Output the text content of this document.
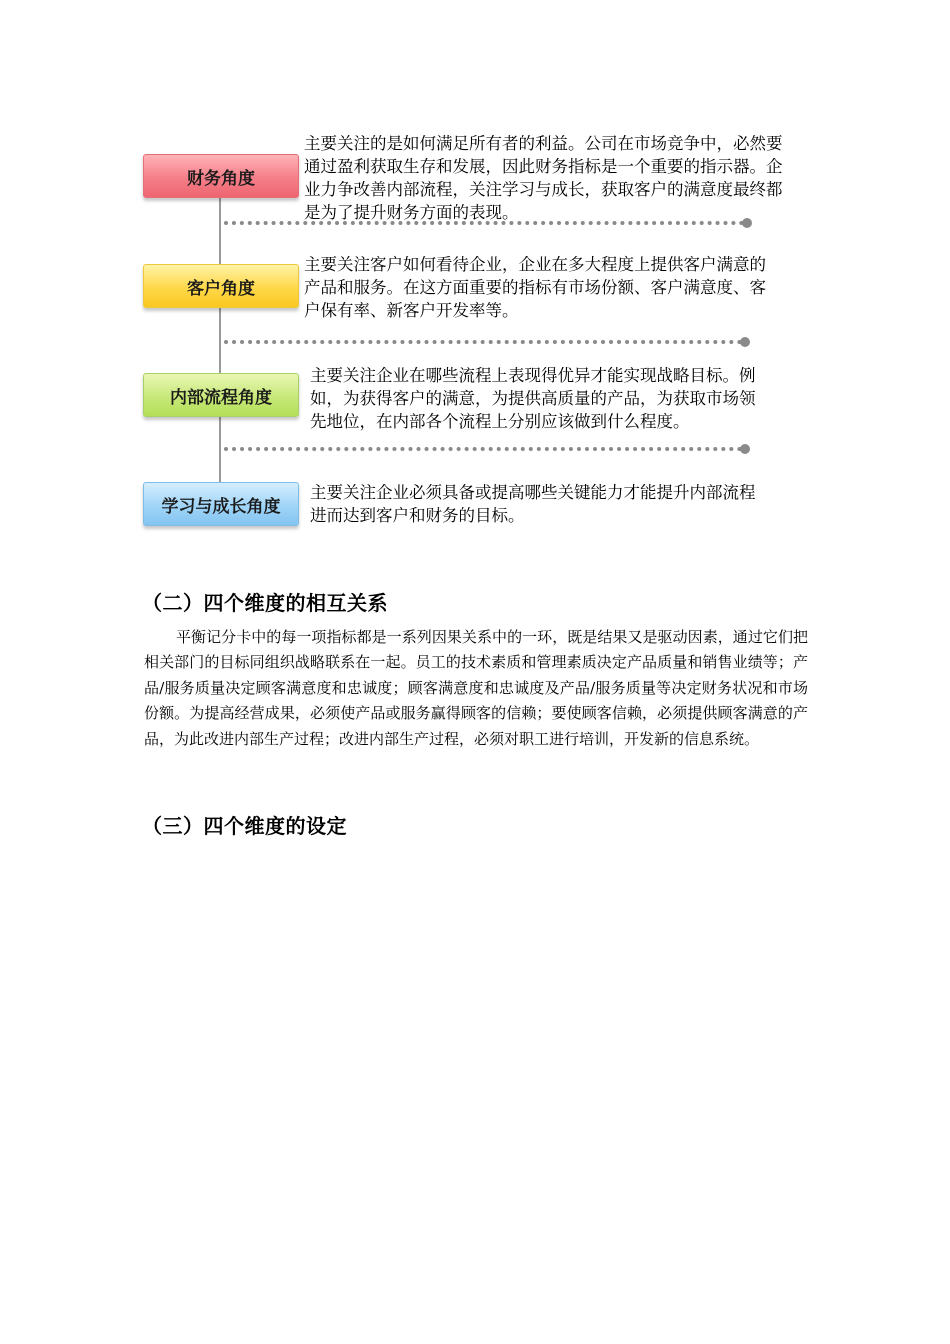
财务角度

主要关注的是如何满足所有者的利益。公司在市场竞争中，必然要通过盈利获取生存和发展，因此财务指标是一个重要的指示器。企业力争改善内部流程，关注学习与成长，获取客户的满意度最终都是为了提升财务方面的表现。

客户角度

主要关注客户如何看待企业，企业在多大程度上提供客户满意的产品和服务。在这方面重要的指标有市场份额、客户满意度、客户保有率、新客户开发率等。

内部流程角度

主要关注企业在哪些流程上表现得优异才能实现战略目标。例如，为获得客户的满意，为提供高质量的产品，为获取市场领先地位，在内部各个流程上分别应该做到什么程度。

学习与成长角度

主要关注企业必须具备或提高哪些关键能力才能提升内部流程进而达到客户和财务的目标。

（二）四个维度的相互关系

平衡记分卡中的每一项指标都是一系列因果关系中的一环，既是结果又是驱动因素，通过它们把相关部门的目标同组织战略联系在一起。员工的技术素质和管理素质决定产品质量和销售业绩等；产品/服务质量决定顾客满意度和忠诚度；顾客满意度和忠诚度及产品/服务质量等决定财务状况和市场份额。为提高经营成果，必须使产品或服务赢得顾客的信赖；要使顾客信赖，必须提供顾客满意的产品，为此改进内部生产过程；改进内部生产过程，必须对职工进行培训，开发新的信息系统。

（三）四个维度的设定
